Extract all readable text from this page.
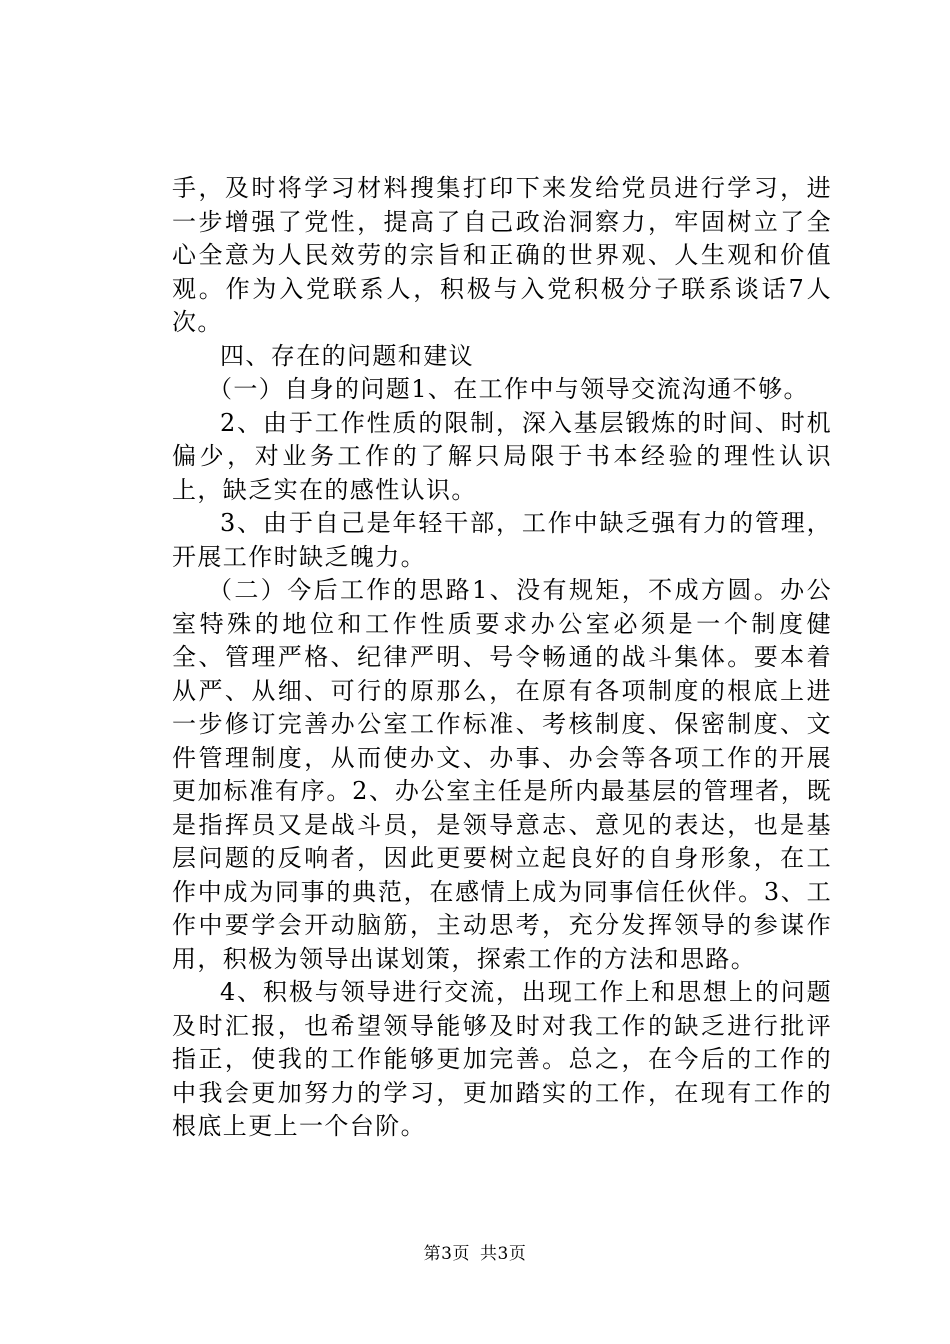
手，及时将学习材料搜集打印下来发给党员进行学习，进一步增强了党性，提高了自己政治洞察力，牢固树立了全心全意为人民效劳的宗旨和正确的世界观、人生观和价值观。作为入党联系人，积极与入党积极分子联系谈话7人次。

四、存在的问题和建议

（一）自身的问题1、在工作中与领导交流沟通不够。

2、由于工作性质的限制，深入基层锻炼的时间、时机偏少，对业务工作的了解只局限于书本经验的理性认识上，缺乏实在的感性认识。

3、由于自己是年轻干部，工作中缺乏强有力的管理，开展工作时缺乏魄力。

（二）今后工作的思路1、没有规矩，不成方圆。办公室特殊的地位和工作性质要求办公室必须是一个制度健全、管理严格、纪律严明、号令畅通的战斗集体。要本着从严、从细、可行的原那么，在原有各项制度的根底上进一步修订完善办公室工作标准、考核制度、保密制度、文件管理制度，从而使办文、办事、办会等各项工作的开展更加标准有序。2、办公室主任是所内最基层的管理者，既是指挥员又是战斗员，是领导意志、意见的表达，也是基层问题的反响者，因此更要树立起良好的自身形象，在工作中成为同事的典范，在感情上成为同事信任伙伴。3、工作中要学会开动脑筋，主动思考，充分发挥领导的参谋作用，积极为领导出谋划策，探索工作的方法和思路。

4、积极与领导进行交流，出现工作上和思想上的问题及时汇报，也希望领导能够及时对我工作的缺乏进行批评指正，使我的工作能够更加完善。总之，在今后的工作的中我会更加努力的学习，更加踏实的工作，在现有工作的根底上更上一个台阶。

第3页 共3页
